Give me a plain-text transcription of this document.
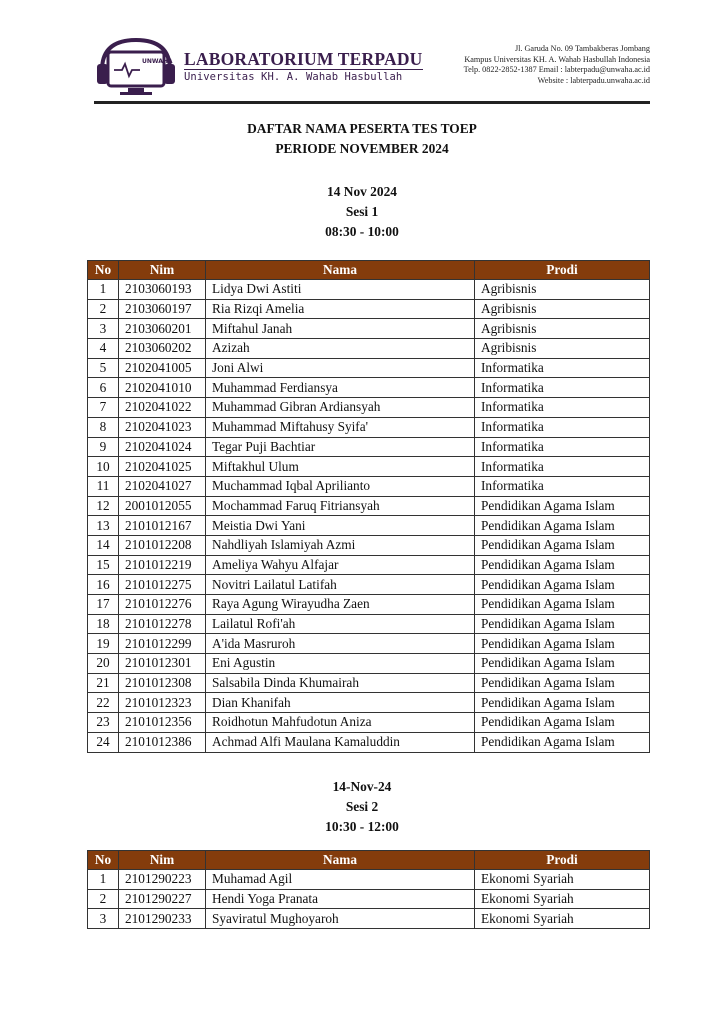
UNWAHA LABORATORIUM TERPADU
Universitas KH. A. Wahab Hasbullah
Jl. Garuda No. 09 Tambakberas Jombang
Kampus Universitas KH. A. Wahab Hasbullah Indonesia
Telp. 0822-2852-1387 Email : labterpadu@unwaha.ac.id
Website : labterpadu.unwaha.ac.id
DAFTAR NAMA PESERTA TES TOEP
PERIODE NOVEMBER 2024
14 Nov 2024
Sesi 1
08:30 - 10:00
No	Nim	Nama	Prodi
1	2103060193	Lidya Dwi Astiti	Agribisnis
2	2103060197	Ria Rizqi Amelia	Agribisnis
3	2103060201	Miftahul Janah	Agribisnis
4	2103060202	Azizah	Agribisnis
5	2102041005	Joni Alwi	Informatika
6	2102041010	Muhammad Ferdiansya	Informatika
7	2102041022	Muhammad Gibran Ardiansyah	Informatika
8	2102041023	Muhammad Miftahusy Syifa'	Informatika
9	2102041024	Tegar Puji Bachtiar	Informatika
10	2102041025	Miftakhul Ulum	Informatika
11	2102041027	Muchammad Iqbal Aprilianto	Informatika
12	2001012055	Mochammad Faruq Fitriansyah	Pendidikan Agama Islam
13	2101012167	Meistia Dwi Yani	Pendidikan Agama Islam
14	2101012208	Nahdliyah Islamiyah Azmi	Pendidikan Agama Islam
15	2101012219	Ameliya Wahyu Alfajar	Pendidikan Agama Islam
16	2101012275	Novitri Lailatul Latifah	Pendidikan Agama Islam
17	2101012276	Raya Agung Wirayudha Zaen	Pendidikan Agama Islam
18	2101012278	Lailatul Rofi'ah	Pendidikan Agama Islam
19	2101012299	A'ida Masruroh	Pendidikan Agama Islam
20	2101012301	Eni Agustin	Pendidikan Agama Islam
21	2101012308	Salsabila Dinda Khumairah	Pendidikan Agama Islam
22	2101012323	Dian Khanifah	Pendidikan Agama Islam
23	2101012356	Roidhotun Mahfudotun Aniza	Pendidikan Agama Islam
24	2101012386	Achmad Alfi Maulana Kamaluddin	Pendidikan Agama Islam
14-Nov-24
Sesi 2
10:30 - 12:00
No	Nim	Nama	Prodi
1	2101290223	Muhamad Agil	Ekonomi Syariah
2	2101290227	Hendi Yoga Pranata	Ekonomi Syariah
3	2101290233	Syaviratul Mughoyaroh	Ekonomi Syariah
